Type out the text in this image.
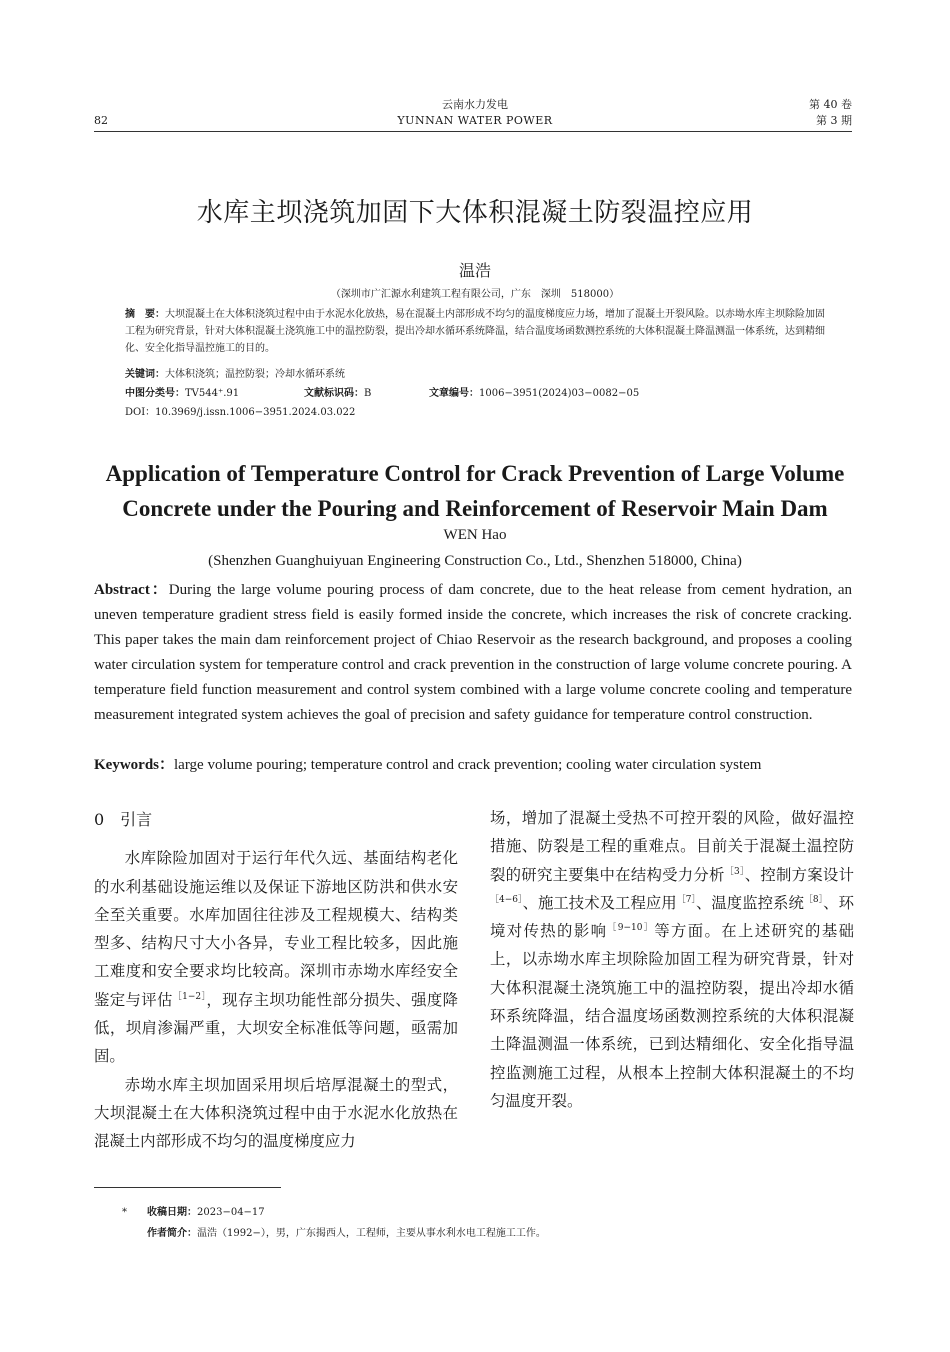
82
云南水力发电
YUNNAN WATER POWER
第 40 卷
第 3 期
水库主坝浇筑加固下大体积混凝土防裂温控应用
温浩
（深圳市广汇源水利建筑工程有限公司，广东　深圳　518000）
摘　要：大坝混凝土在大体积浇筑过程中由于水泥水化放热，易在混凝土内部形成不均匀的温度梯度应力场，增加了混凝土开裂风险。以赤坳水库主坝除险加固工程为研究背景，针对大体积混凝土浇筑施工中的温控防裂，提出冷却水循环系统降温，结合温度场函数测控系统的大体积混凝土降温测温一体系统，达到精细化、安全化指导温控施工的目的。
关键词：大体积浇筑；温控防裂；冷却水循环系统
中图分类号：TV544⁺.91	文献标识码：B	文章编号：1006−3951(2024)03−0082−05
DOI：10.3969/j.issn.1006−3951.2024.03.022
Application of Temperature Control for Crack Prevention of Large Volume
Concrete under the Pouring and Reinforcement of Reservoir Main Dam
WEN Hao
(Shenzhen Guanghuiyuan Engineering Construction Co., Ltd., Shenzhen 518000, China)
Abstract：During the large volume pouring process of dam concrete, due to the heat release from cement hydration, an uneven temperature gradient stress field is easily formed inside the concrete, which increases the risk of concrete cracking. This paper takes the main dam reinforcement project of Chiao Reservoir as the research background, and proposes a cooling water circulation system for temperature control and crack prevention in the construction of large volume concrete pouring. A temperature field function measurement and control system combined with a large volume concrete cooling and temperature measurement integrated system achieves the goal of precision and safety guidance for temperature control construction.
Keywords：large volume pouring; temperature control and crack prevention; cooling water circulation system
0　引言

水库除险加固对于运行年代久远、基面结构老化的水利基础设施运维以及保证下游地区防洪和供水安全至关重要。水库加固往往涉及工程规模大、结构类型多、结构尺寸大小各异，专业工程比较多，因此施工难度和安全要求均比较高。深圳市赤坳水库经安全鉴定与评估$^{[1-2]}$，现存主坝功能性部分损失、强度降低，坝肩渗漏严重，大坝安全标准低等问题，亟需加固。

赤坳水库主坝加固采用坝后培厚混凝土的型式，大坝混凝土在大体积浇筑过程中由于水泥水化放热在混凝土内部形成不均匀的温度梯度应力

场，增加了混凝土受热不可控开裂的风险，做好温控措施、防裂是工程的重难点。目前关于混凝土温控防裂的研究主要集中在结构受力分析$^{[3]}$、控制方案设计$^{[4-6]}$、施工技术及工程应用$^{[7]}$、温度监控系统$^{[8]}$、环境对传热的影响$^{[9-10]}$等方面。在上述研究的基础上，以赤坳水库主坝除险加固工程为研究背景，针对大体积混凝土浇筑施工中的温控防裂，提出冷却水循环系统降温，结合温度场函数测控系统的大体积混凝土降温测温一体系统，已到达精细化、安全化指导温控监测施工过程，从根本上控制大体积混凝土的不均匀温度开裂。

* 收稿日期：2023−04−17
作者简介：温浩（1992−），男，广东揭西人，工程师，主要从事水利水电工程施工工作。
